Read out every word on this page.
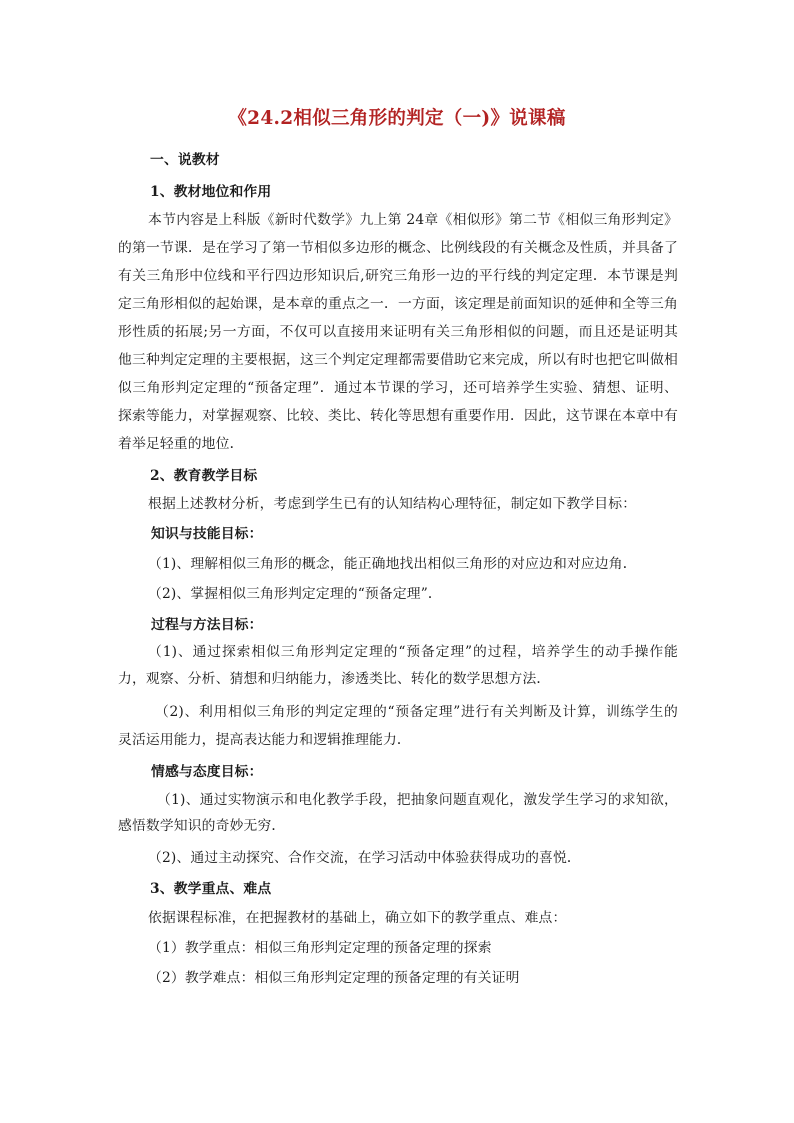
《24.2相似三角形的判定（一)》说课稿
一、说教材
1、教材地位和作用
本节内容是上科版《新时代数学》九上第 24章《相似形》第二节《相似三角形判定》
的第一节课．是在学习了第一节相似多边形的概念、比例线段的有关概念及性质，并具备了
有关三角形中位线和平行四边形知识后,研究三角形一边的平行线的判定定理．本节课是判
定三角形相似的起始课，是本章的重点之一．一方面，该定理是前面知识的延伸和全等三角
形性质的拓展;另一方面，不仅可以直接用来证明有关三角形相似的问题，而且还是证明其
他三种判定定理的主要根据，这三个判定定理都需要借助它来完成，所以有时也把它叫做相
似三角形判定定理的“预备定理”．通过本节课的学习，还可培养学生实验、猜想、证明、
探索等能力，对掌握观察、比较、类比、转化等思想有重要作用．因此，这节课在本章中有
着举足轻重的地位．
2、教育教学目标
根据上述教材分析，考虑到学生已有的认知结构心理特征，制定如下教学目标：
知识与技能目标：
（1)、理解相似三角形的概念，能正确地找出相似三角形的对应边和对应边角．
（2)、掌握相似三角形判定定理的“预备定理”．
过程与方法目标：
（1)、通过探索相似三角形判定定理的“预备定理”的过程，培养学生的动手操作能
力，观察、分析、猜想和归纳能力，渗透类比、转化的数学思想方法．
（2)、利用相似三角形的判定定理的“预备定理”进行有关判断及计算，训练学生的
灵活运用能力，提高表达能力和逻辑推理能力．
情感与态度目标：
（1)、通过实物演示和电化教学手段，把抽象问题直观化，激发学生学习的求知欲，
感悟数学知识的奇妙无穷．
（2)、通过主动探究、合作交流，在学习活动中体验获得成功的喜悦．
3、教学重点、难点
依据课程标准，在把握教材的基础上，确立如下的教学重点、难点：
（1）教学重点：相似三角形判定定理的预备定理的探索
（2）教学难点：相似三角形判定定理的预备定理的有关证明
